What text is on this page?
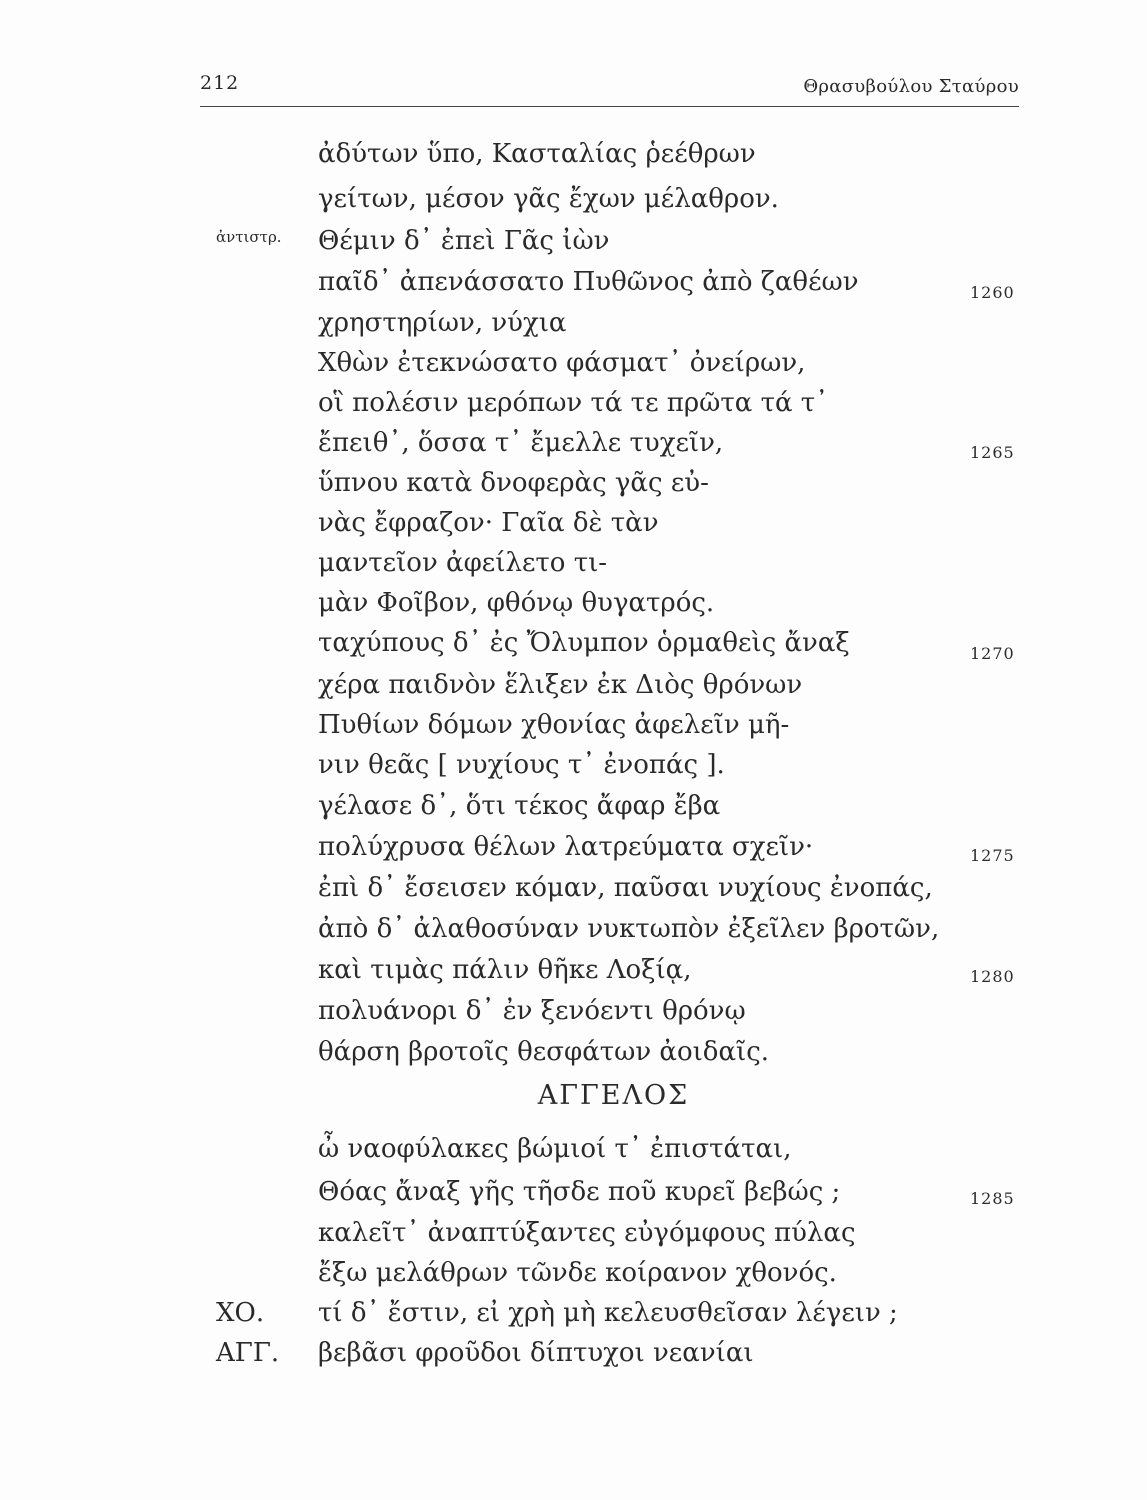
212	Θρασυβούλου Σταύρου
ἀντιστρ.
ἀδύτων ὕπο, Κασταλίας ῥεέθρων
γείτων, μέσον γᾶς ἔχων μέλαθρον.
Θέμιν δ᾽ ἐπεὶ Γᾶς ἰὼν
παῖδ᾽ ἀπενάσσατο Πυθῶνος ἀπὸ ζαθέων
χρηστηρίων, νύχια
Χθὼν ἐτεκνώσατο φάσματ᾽ ὀνείρων,
οἳ πολέσιν μερόπων τά τε πρῶτα τά τ᾽
ἔπειθ᾽, ὅσσα τ᾽ ἔμελλε τυχεῖν,
ὕπνου κατὰ δνοφερὰς γᾶς εὐ-
νὰς ἔφραζον· Γαῖα δὲ τὰν
μαντεῖον ἀφείλετο τι-
μὰν Φοῖβον, φθόνῳ θυγατρός.
ταχύπους δ᾽ ἐς Ὄλυμπον ὁρμαθεὶς ἄναξ
χέρα παιδνὸν ἕλιξεν ἐκ Διὸς θρόνων
Πυθίων δόμων χθονίας ἀφελεῖν μῆ-
νιν θεᾶς [ νυχίους τ᾽ ἐνοπάς ].
γέλασε δ᾽, ὅτι τέκος ἄφαρ ἔβα
πολύχρυσα θέλων λατρεύματα σχεῖν·
ἐπὶ δ᾽ ἔσεισεν κόμαν, παῦσαι νυχίους ἐνοπάς,
ἀπὸ δ᾽ ἀλαθοσύναν νυκτωπὸν ἐξεῖλεν βροτῶν,
καὶ τιμὰς πάλιν θῆκε Λοξίᾳ,
πολυάνορι δ᾽ ἐν ξενόεντι θρόνῳ
θάρση βροτοῖς θεσφάτων ἀοιδαῖς.
ΑΓΓΕΛΟΣ
ὦ ναοφύλακες βώμιοί τ᾽ ἐπιστάται,
Θόας ἄναξ γῆς τῆσδε ποῦ κυρεῖ βεβώς ;
καλεῖτ᾽ ἀναπτύξαντες εὐγόμφους πύλας
ἔξω μελάθρων τῶνδε κοίρανον χθονός.
τί δ᾽ ἔστιν, εἰ χρὴ μὴ κελευσθεῖσαν λέγειν ;
βεβᾶσι φροῦδοι δίπτυχοι νεανίαι
ΧΟ.
ΑΓΓ.
1260
1265
1270
1275
1280
1285
